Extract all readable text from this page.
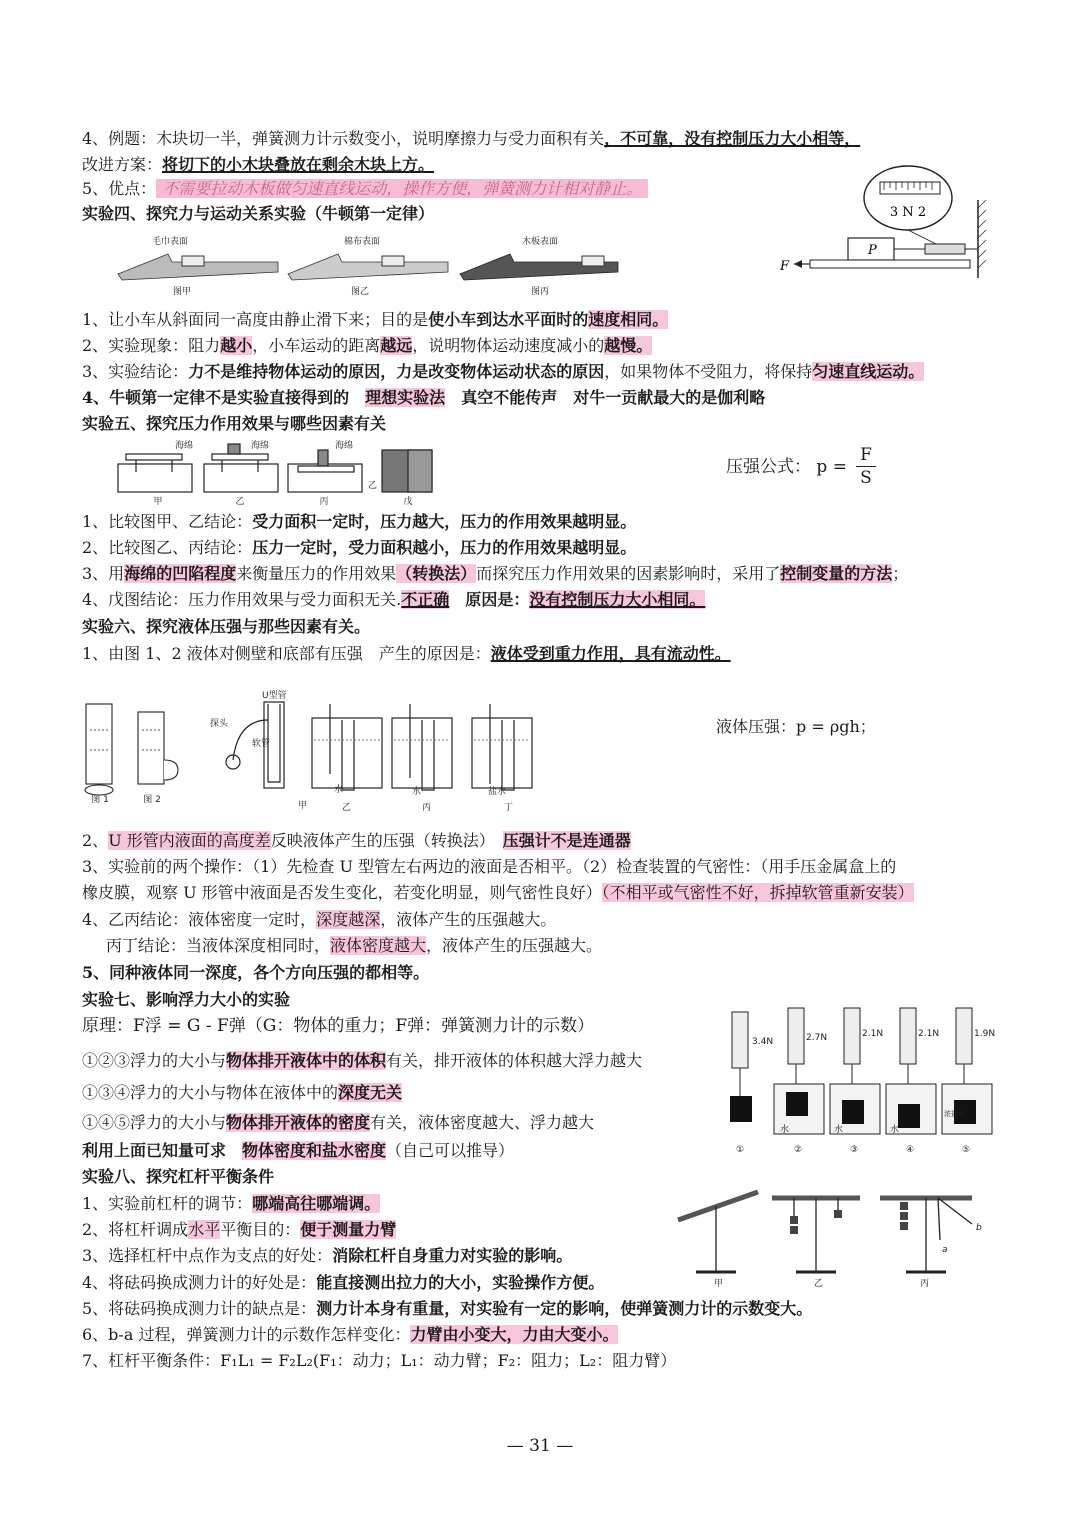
4、例题：木块切一半，弹簧测力计示数变小，说明摩擦力与受力面积有关，不可靠，没有控制压力大小相等，
改进方案：将切下的小木块叠放在剩余木块上方。
5、优点： 不需要拉动木板做匀速直线运动，操作方便，弹簧测力计相对静止。
3 N 2
P
F
实验四、探究力与运动关系实验（牛顿第一定律）
毛巾表面
图甲
棉布表面
图乙
木板表面
图丙
1、让小车从斜面同一高度由静止滑下来；目的是使小车到达水平面时的速度相同。
2、实验现象：阻力越小，小车运动的距离越远，说明物体运动速度减小的越慢。
3、实验结论：力不是维持物体运动的原因，力是改变物体运动状态的原因，如果物体不受阻力，将保持匀速直线运动。
4、牛顿第一定律不是实验直接得到的　 理想实验法　 真空不能传声　 对牛一贡献最大的是伽利略
实验五、探究压力作用效果与哪些因素有关
海绵	海绵	海绵
甲	乙	丙
乙
戊
压强公式： $p = \frac{F}{S}$
1、比较图甲、乙结论：受力面积一定时，压力越大，压力的作用效果越明显。
2、比较图乙、丙结论：压力一定时，受力面积越小，压力的作用效果越明显。
3、用海绵的凹陷程度来衡量压力的作用效果（转换法）而探究压力作用效果的因素影响时，采用了控制变量的方法；
4、戊图结论：压力作用效果与受力面积无关.不正确　 原因是：没有控制压力大小相同。
实验六、探究液体压强与那些因素有关。
1、由图 1、2 液体对侧壁和底部有压强　产生的原因是：液体受到重力作用，具有流动性。
图 1	图 2
U型管
探头
软管
甲
水
乙
水
丙
盐水
丁
液体压强：p = ρgh；
2、U 形管内液面的高度差反映液体产生的压强（转换法）　 压强计不是连通器
3、实验前的两个操作：（1）先检查 U 型管左右两边的液面是否相平。（2）检查装置的气密性：（用手压金属盒上的
橡皮膜，观察 U 形管中液面是否发生变化，若变化明显，则气密性良好）（不相平或气密性不好，拆掉软管重新安装）
4、乙丙结论：液体密度一定时，深度越深，液体产生的压强越大。
丙丁结论：当液体深度相同时，液体密度越大，液体产生的压强越大。
5、同种液体同一深度，各个方向压强的都相等。
实验七、影响浮力大小的实验
原理：F浮 = G - F弹（G：物体的重力；F弹：弹簧测力计的示数）
①②③浮力的大小与物体排开液体中的体积有关，排开液体的体积越大浮力越大
①③④浮力的大小与物体在液体中的深度无关
①④⑤浮力的大小与物体排开液体的密度有关，液体密度越大、浮力越大
利用上面已知量可求　 物体密度和盐水密度（自己可以推导）
3.4N
①
2.7N
水
②
2.1N
水
③
2.1N
水
④
1.9N
浓盐水
⑤
实验八、探究杠杆平衡条件
1、实验前杠杆的调节：哪端高往哪端调。
2、将杠杆调成水平平衡目的：便于测量力臂
3、选择杠杆中点作为支点的好处：消除杠杆自身重力对实验的影响。
4、将砝码换成测力计的好处是：能直接测出拉力的大小，实验操作方便。
5、将砝码换成测力计的缺点是：测力计本身有重量，对实验有一定的影响，使弹簧测力计的示数变大。
6、b-a 过程，弹簧测力计的示数作怎样变化：力臂由小变大，力由大变小。
7、杠杆平衡条件：F₁L₁ = F₂L₂(F₁：动力；L₁：动力臂；F₂：阻力；L₂：阻力臂）
甲	乙	丙
b
a
— 31 —
